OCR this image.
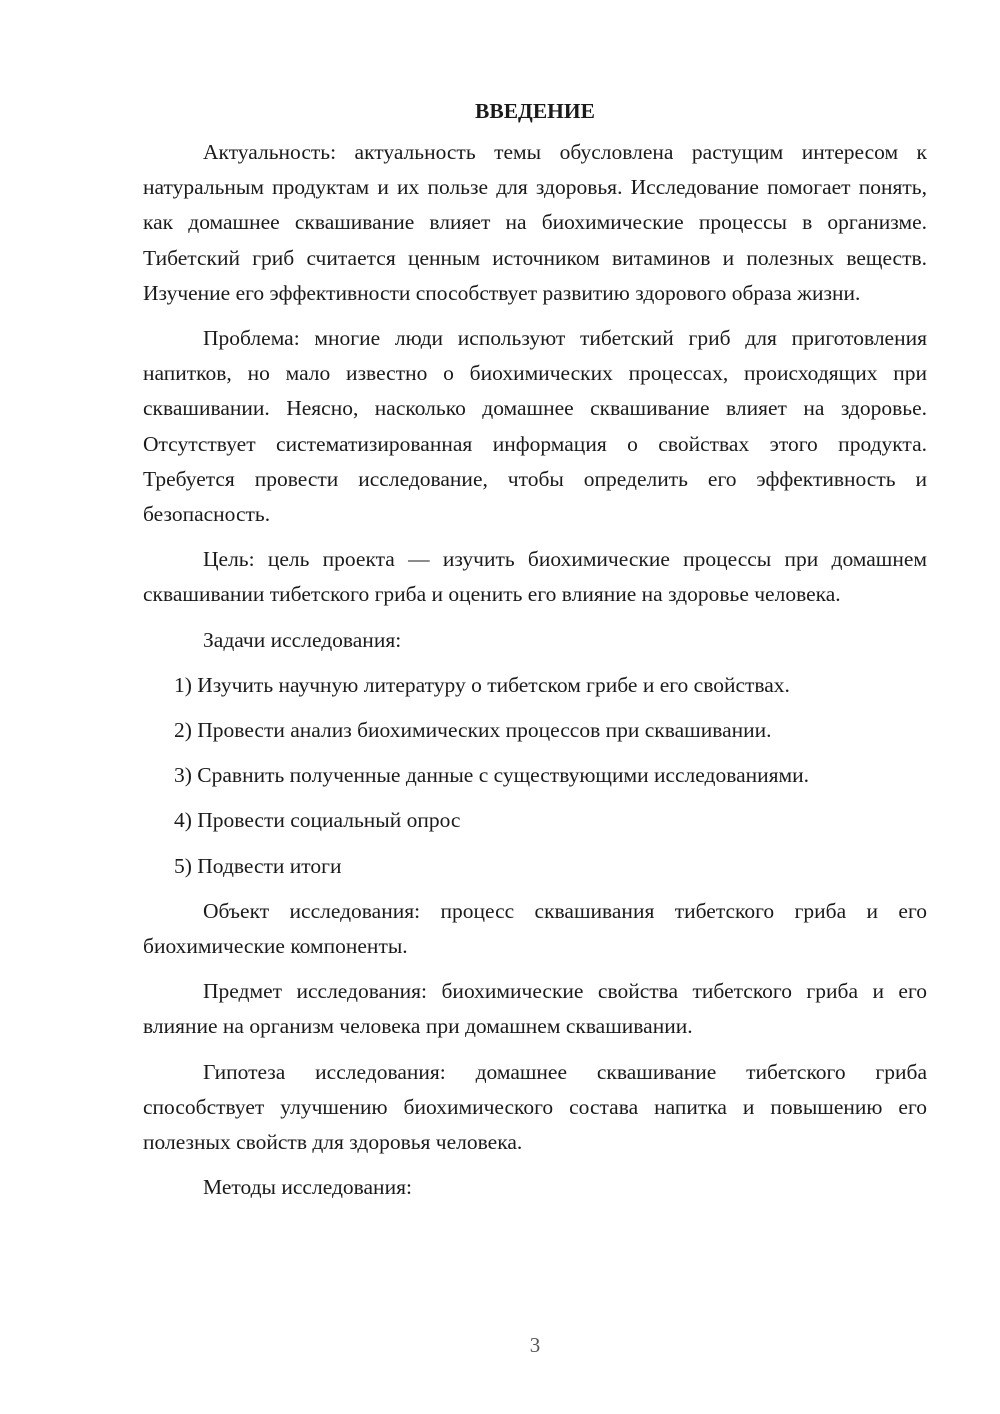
ВВЕДЕНИЕ

Актуальность: актуальность темы обусловлена растущим интересом к натуральным продуктам и их пользе для здоровья. Исследование помогает понять, как домашнее сквашивание влияет на биохимические процессы в организме. Тибетский гриб считается ценным источником витаминов и полезных веществ. Изучение его эффективности способствует развитию здорового образа жизни.

Проблема: многие люди используют тибетский гриб для приготовления напитков, но мало известно о биохимических процессах, происходящих при сквашивании. Неясно, насколько домашнее сквашивание влияет на здоровье. Отсутствует систематизированная информация о свойствах этого продукта. Требуется провести исследование, чтобы определить его эффективность и безопасность.

Цель: цель проекта — изучить биохимические процессы при домашнем сквашивании тибетского гриба и оценить его влияние на здоровье человека.

Задачи исследования:

1) Изучить научную литературу о тибетском грибе и его свойствах.

2) Провести анализ биохимических процессов при сквашивании.

3) Сравнить полученные данные с существующими исследованиями.

4) Провести социальный опрос

5) Подвести итоги

Объект исследования: процесс сквашивания тибетского гриба и его биохимические компоненты.

Предмет исследования: биохимические свойства тибетского гриба и его влияние на организм человека при домашнем сквашивании.

Гипотеза исследования: домашнее сквашивание тибетского гриба способствует улучшению биохимического состава напитка и повышению его полезных свойств для здоровья человека.

Методы исследования:

3
